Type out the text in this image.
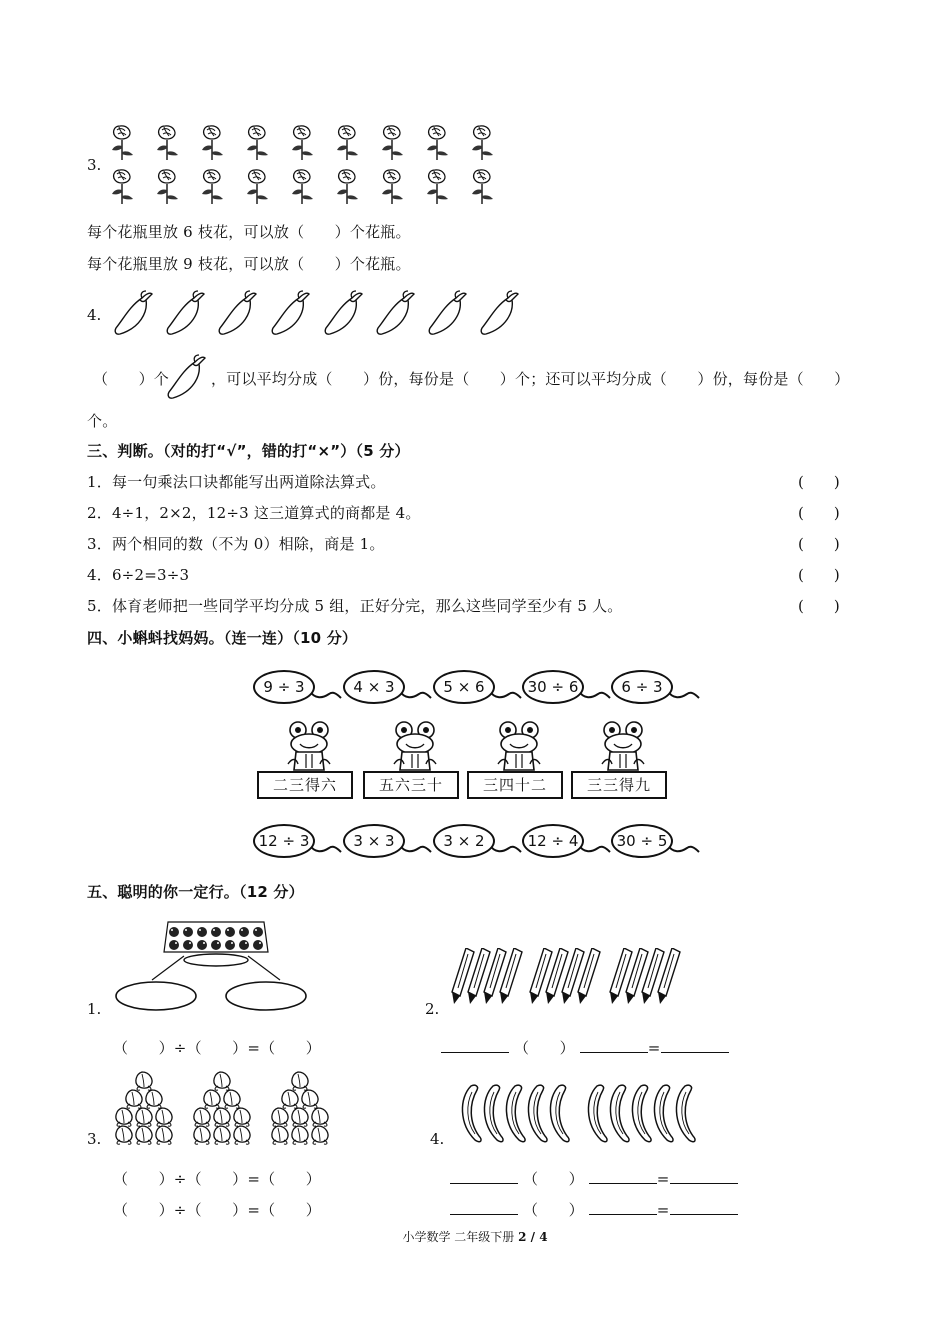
3.
每个花瓶里放 6 枝花，可以放（　　）个花瓶。
每个花瓶里放 9 枝花，可以放（　　）个花瓶。
4.
（　　）个	，可以平均分成（　　）份，每份是（　　）个；还可以平均分成（　　）份，每份是（　　）
个。
三、判断。（对的打“√”，错的打“×”）（5 分）
1．每一句乘法口诀都能写出两道除法算式。	(　　)
2．4÷1，2×2，12÷3 这三道算式的商都是 4。	(　　)
3．两个相同的数（不为 0）相除，商是 1。	(　　)
4．6÷2=3÷3	(　　)
5．体育老师把一些同学平均分成 5 组，正好分完，那么这些同学至少有 5 人。	(　　)
四、小蝌蚪找妈妈。（连一连）（10 分）
9 ÷ 3	4 × 3	5 × 6	30 ÷ 6	6 ÷ 3
二三得六	五六三十	三四十二	三三得九
12 ÷ 3	3 × 3	3 × 2	12 ÷ 4	30 ÷ 5
五、聪明的你一定行。（12 分）
1.
（　　）÷（　　）=（　　）
2.
（　　）	=
3.
（　　）÷（　　）=（　　）
（　　）÷（　　）=（　　）
4.
（　　）	=
（　　）	=
小学数学 二年级下册 2 / 4
